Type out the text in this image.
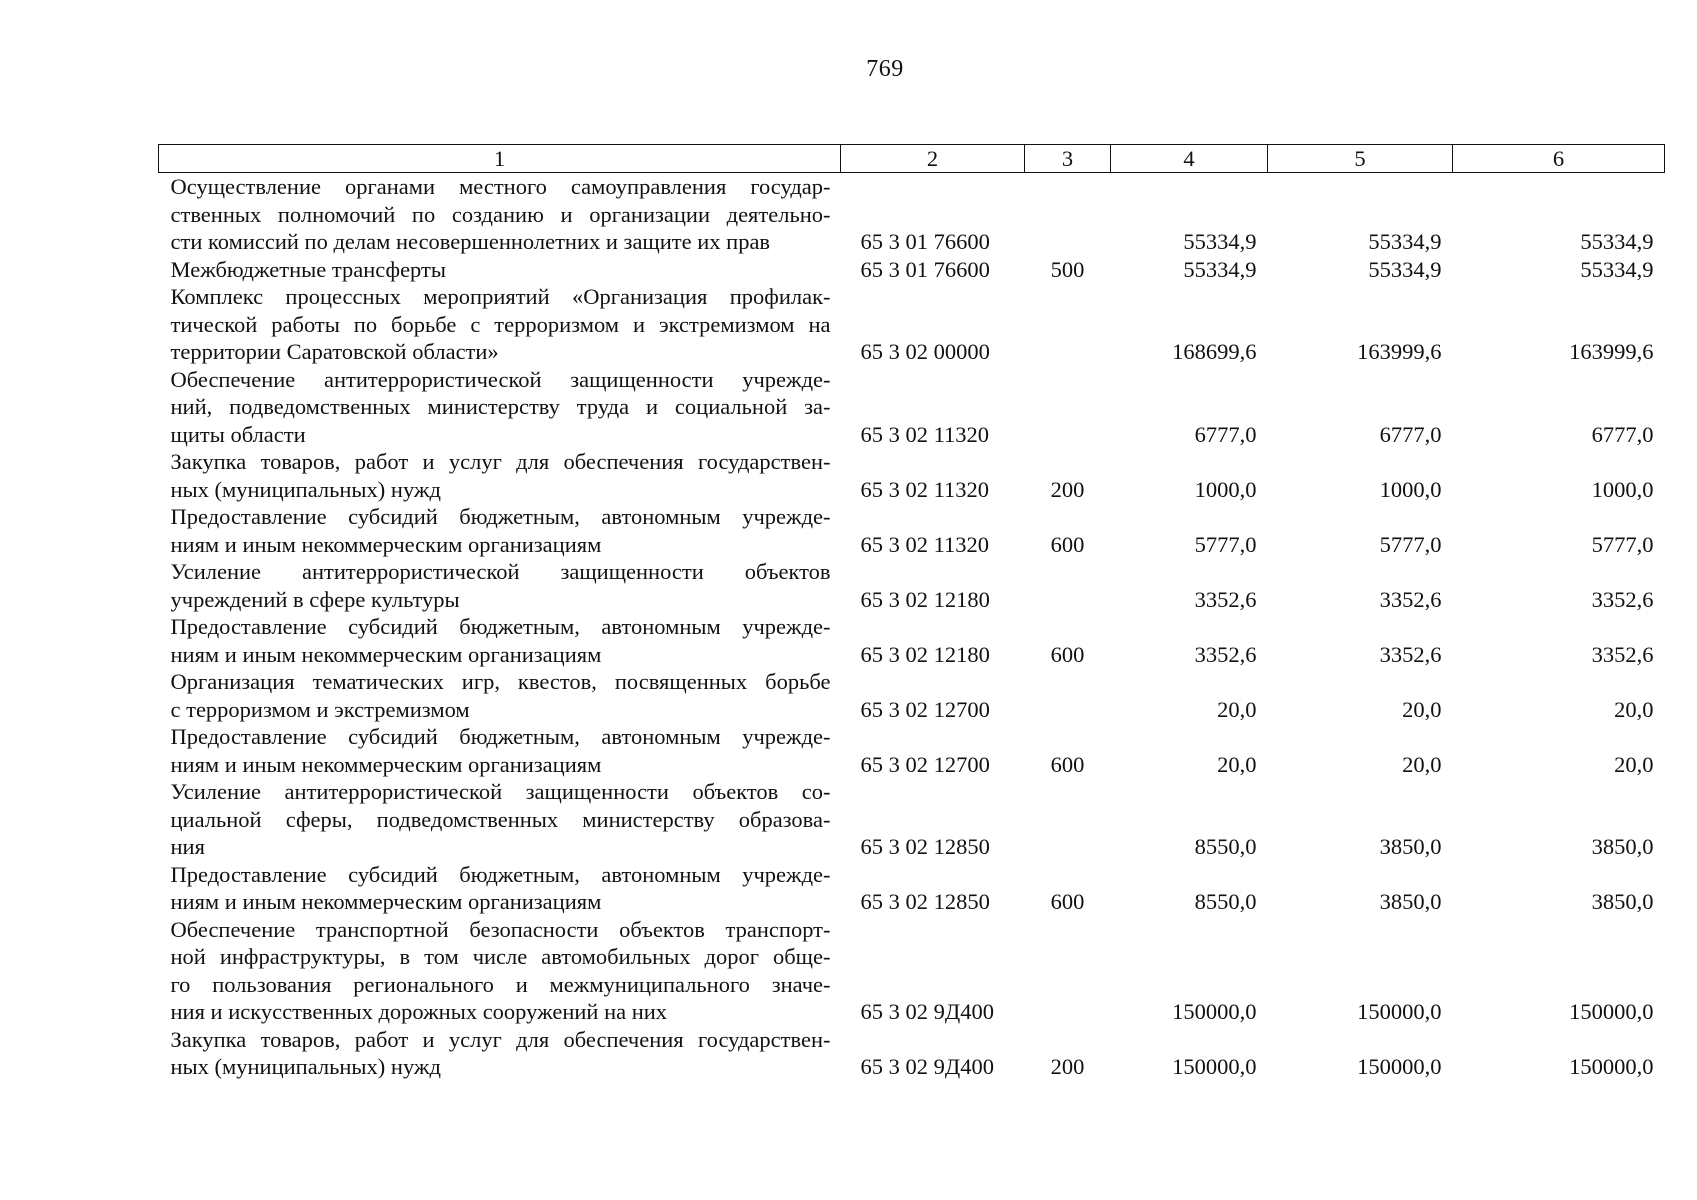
769
1	2	3	4	5	6

Осуществление органами местного самоуправления государ-
ственных полномочий по созданию и организации деятельно-
сти комиссий по делам несовершеннолетних и защите их прав	65 3 01 76600		55334,9	55334,9	55334,9

Межбюджетные трансферты	65 3 01 76600	500	55334,9	55334,9	55334,9

Комплекс процессных мероприятий «Организация профилак-
тической работы по борьбе с терроризмом и экстремизмом на
территории Саратовской области»	65 3 02 00000		168699,6	163999,6	163999,6

Обеспечение антитеррористической защищенности учрежде-
ний, подведомственных министерству труда и социальной за-
щиты области	65 3 02 11320		6777,0	6777,0	6777,0

Закупка товаров, работ и услуг для обеспечения государствен-
ных (муниципальных) нужд	65 3 02 11320	200	1000,0	1000,0	1000,0

Предоставление субсидий бюджетным, автономным учрежде-
ниям и иным некоммерческим организациям	65 3 02 11320	600	5777,0	5777,0	5777,0

Усиление антитеррористической защищенности объектов
учреждений в сфере культуры	65 3 02 12180		3352,6	3352,6	3352,6

Предоставление субсидий бюджетным, автономным учрежде-
ниям и иным некоммерческим организациям	65 3 02 12180	600	3352,6	3352,6	3352,6

Организация тематических игр, квестов, посвященных борьбе
с терроризмом и экстремизмом	65 3 02 12700		20,0	20,0	20,0

Предоставление субсидий бюджетным, автономным учрежде-
ниям и иным некоммерческим организациям	65 3 02 12700	600	20,0	20,0	20,0

Усиление антитеррористической защищенности объектов со-
циальной сферы, подведомственных министерству образова-
ния	65 3 02 12850		8550,0	3850,0	3850,0

Предоставление субсидий бюджетным, автономным учрежде-
ниям и иным некоммерческим организациям	65 3 02 12850	600	8550,0	3850,0	3850,0

Обеспечение транспортной безопасности объектов транспорт-
ной инфраструктуры, в том числе автомобильных дорог обще-
го пользования регионального и межмуниципального значе-
ния и искусственных дорожных сооружений на них	65 3 02 9Д400		150000,0	150000,0	150000,0

Закупка товаров, работ и услуг для обеспечения государствен-
ных (муниципальных) нужд	65 3 02 9Д400	200	150000,0	150000,0	150000,0
